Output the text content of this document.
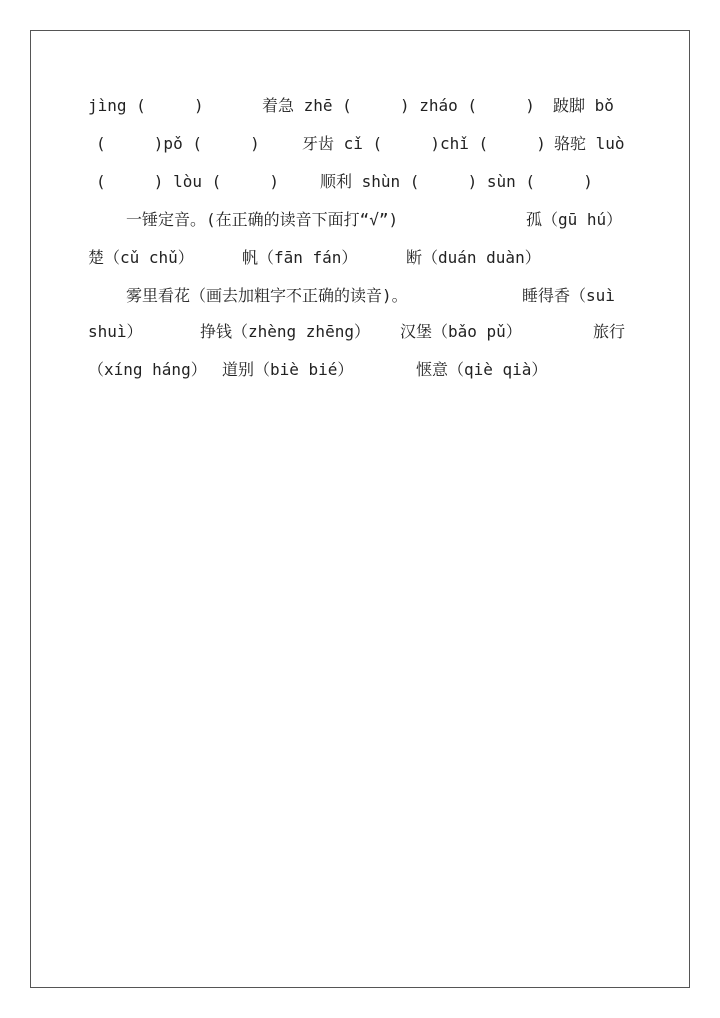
jìng (     )

	着急 zhē (     ) zháo (     )

跛脚 bǒ

(     )pǒ (     )

	牙齿 cǐ (     )chǐ (     )

骆驼 luò

(     ) lòu (     )

	顺利 shùn (     ) sùn (     )

一锤定音。(在正确的读音下面打“√”)

	孤（gū hú）

楚（cǔ chǔ）

	帆（fān fán）

	断（duán duàn）

雾里看花（画去加粗字不正确的读音)。

	睡得香（suì

shuì）

	挣钱（zhèng zhēng）

汉堡（bǎo pǔ）

	旅行

（xíng háng）

道别（biè bié）

	惬意（qiè qià）
